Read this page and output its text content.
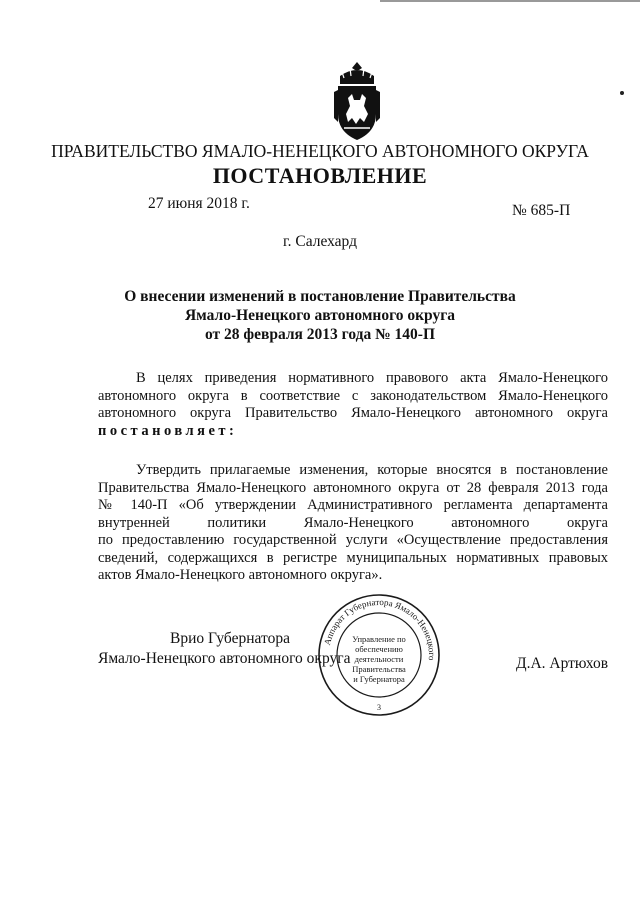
ПРАВИТЕЛЬСТВО ЯМАЛО-НЕНЕЦКОГО АВТОНОМНОГО ОКРУГА
ПОСТАНОВЛЕНИЕ
27 июня 2018 г.	№ 685-П
г. Салехард
О внесении изменений в постановление Правительства
Ямало-Ненецкого автономного округа
от 28 февраля 2013 года № 140-П
В целях приведения нормативного правового акта Ямало-Ненецкого
автономного округа в соответствие с законодательством Ямало-Ненецкого
автономного округа Правительство Ямало-Ненецкого автономного округа
постановляет:
Утвердить прилагаемые изменения, которые вносятся в постановление
Правительства Ямало-Ненецкого автономного округа от 28 февраля 2013 года
№ 140-П «Об утверждении Административного регламента департамента
внутренней политики Ямало-Ненецкого автономного округа
по предоставлению государственной услуги «Осуществление предоставления
сведений, содержащихся в регистре муниципальных нормативных правовых
актов Ямало-Ненецкого автономного округа».
Врио Губернатора
Ямало-Ненецкого автономного округа	Д.А. Артюхов
Аппарат Губернатора Ямало-Ненецкого
Управление по
обеспечению
деятельности
Правительства
и Губернатора
3
